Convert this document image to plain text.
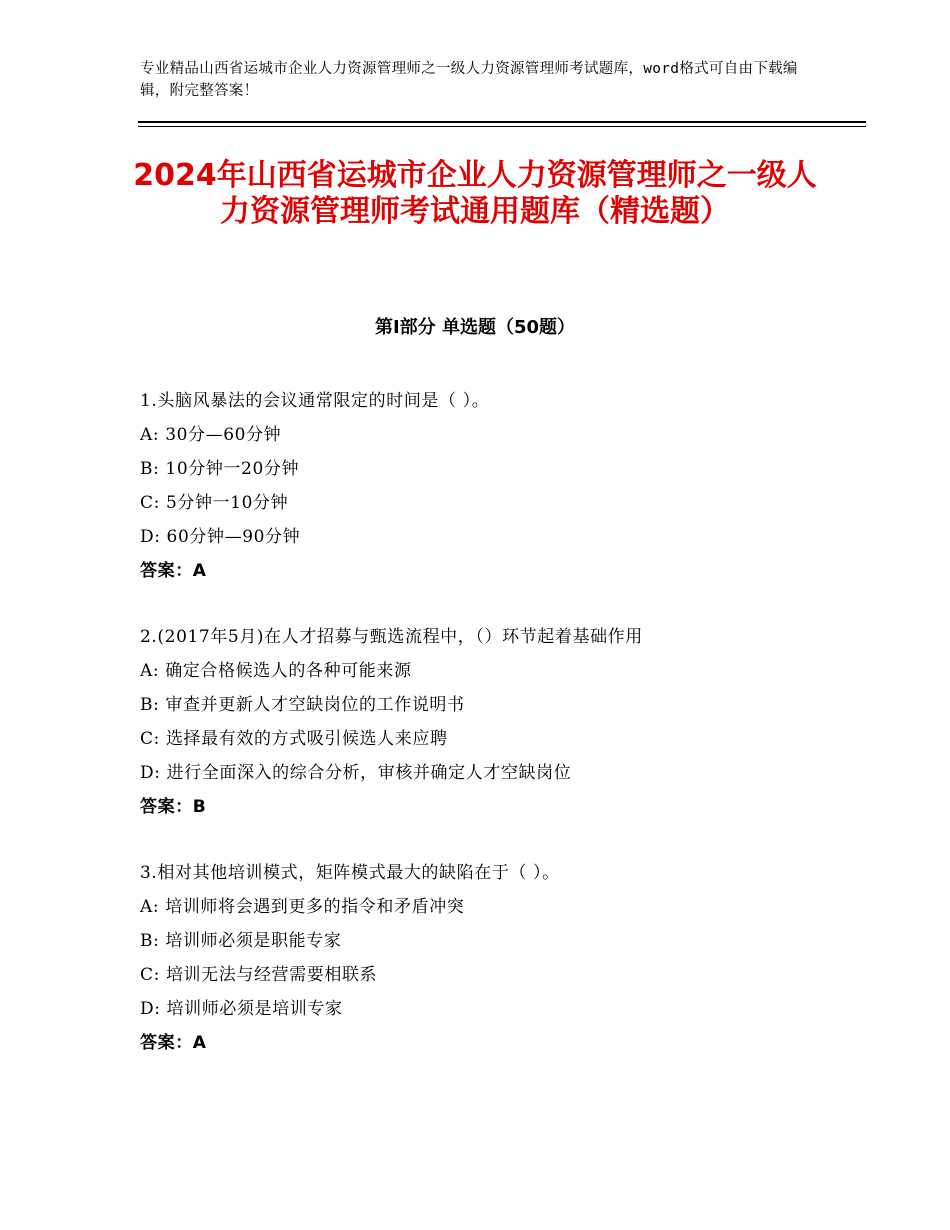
专业精品山西省运城市企业人力资源管理师之一级人力资源管理师考试题库，word格式可自由下载编辑，附完整答案！
2024年山西省运城市企业人力资源管理师之一级人力资源管理师考试通用题库（精选题）
第Ⅰ部分 单选题（50题）
1.头脑风暴法的会议通常限定的时间是（ ）。
A: 30分—60分钟
B: 10分钟一20分钟
C: 5分钟一10分钟
D: 60分钟—90分钟
答案：A
2.(2017年5月)在人才招募与甄选流程中，（）环节起着基础作用
A: 确定合格候选人的各种可能来源
B: 审查并更新人才空缺岗位的工作说明书
C: 选择最有效的方式吸引候选人来应聘
D: 进行全面深入的综合分析，审核并确定人才空缺岗位
答案：B
3.相对其他培训模式，矩阵模式最大的缺陷在于（ ）。
A: 培训师将会遇到更多的指令和矛盾冲突
B: 培训师必须是职能专家
C: 培训无法与经营需要相联系
D: 培训师必须是培训专家
答案：A
